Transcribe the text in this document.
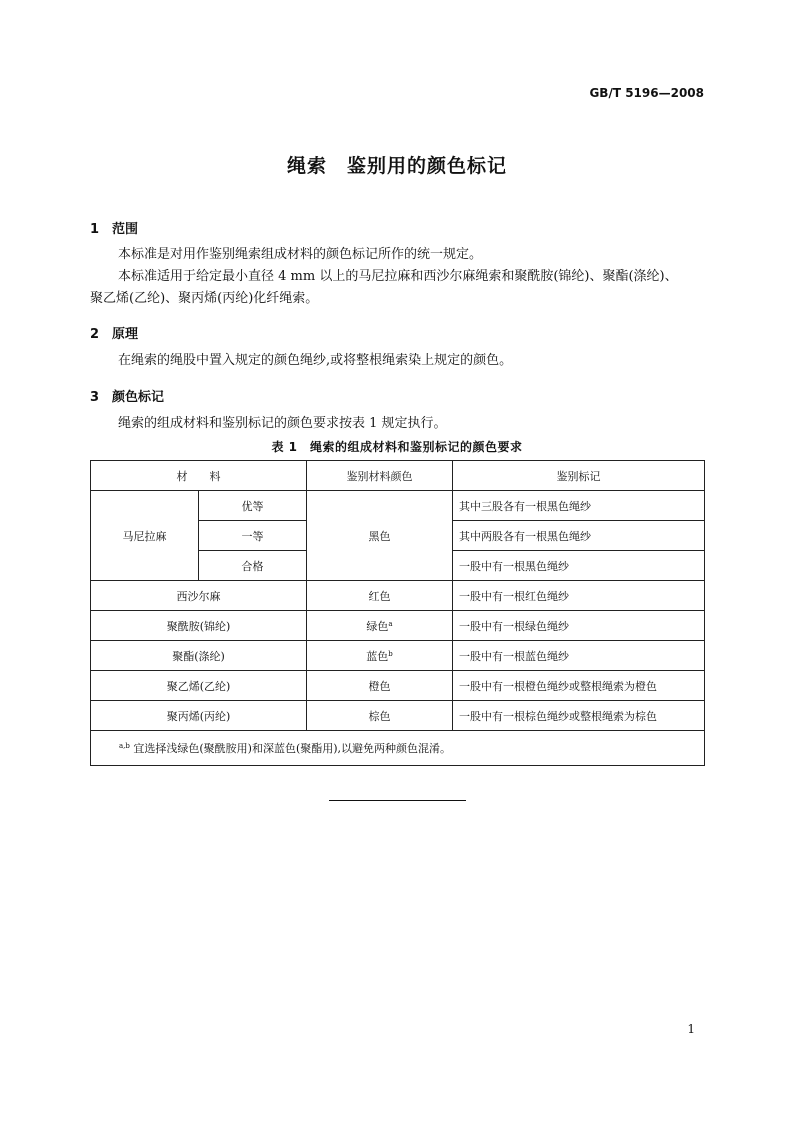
GB/T 5196—2008
绳索　鉴别用的颜色标记
1 范围
本标准是对用作鉴别绳索组成材料的颜色标记所作的统一规定。
本标准适用于给定最小直径 4 mm 以上的马尼拉麻和西沙尔麻绳索和聚酰胺(锦纶)、聚酯(涤纶)、
聚乙烯(乙纶)、聚丙烯(丙纶)化纤绳索。
2 原理
在绳索的绳股中置入规定的颜色绳纱,或将整根绳索染上规定的颜色。
3 颜色标记
绳索的组成材料和鉴别标记的颜色要求按表 1 规定执行。
表 1　绳索的组成材料和鉴别标记的颜色要求
材　　料		鉴别材料颜色	鉴别标记
马尼拉麻	优等	黑色	其中三股各有一根黑色绳纱
	一等		其中两股各有一根黑色绳纱
	合格		一股中有一根黑色绳纱
西沙尔麻		红色	一股中有一根红色绳纱
聚酰胺(锦纶)		绿色$^a$	一股中有一根绿色绳纱
聚酯(涤纶)		蓝色$^b$	一股中有一根蓝色绳纱
聚乙烯(乙纶)		橙色	一股中有一根橙色绳纱或整根绳索为橙色
聚丙烯(丙纶)		棕色	一股中有一根棕色绳纱或整根绳索为棕色
$^{a,b}$ 宜选择浅绿色(聚酰胺用)和深蓝色(聚酯用),以避免两种颜色混淆。			
1
